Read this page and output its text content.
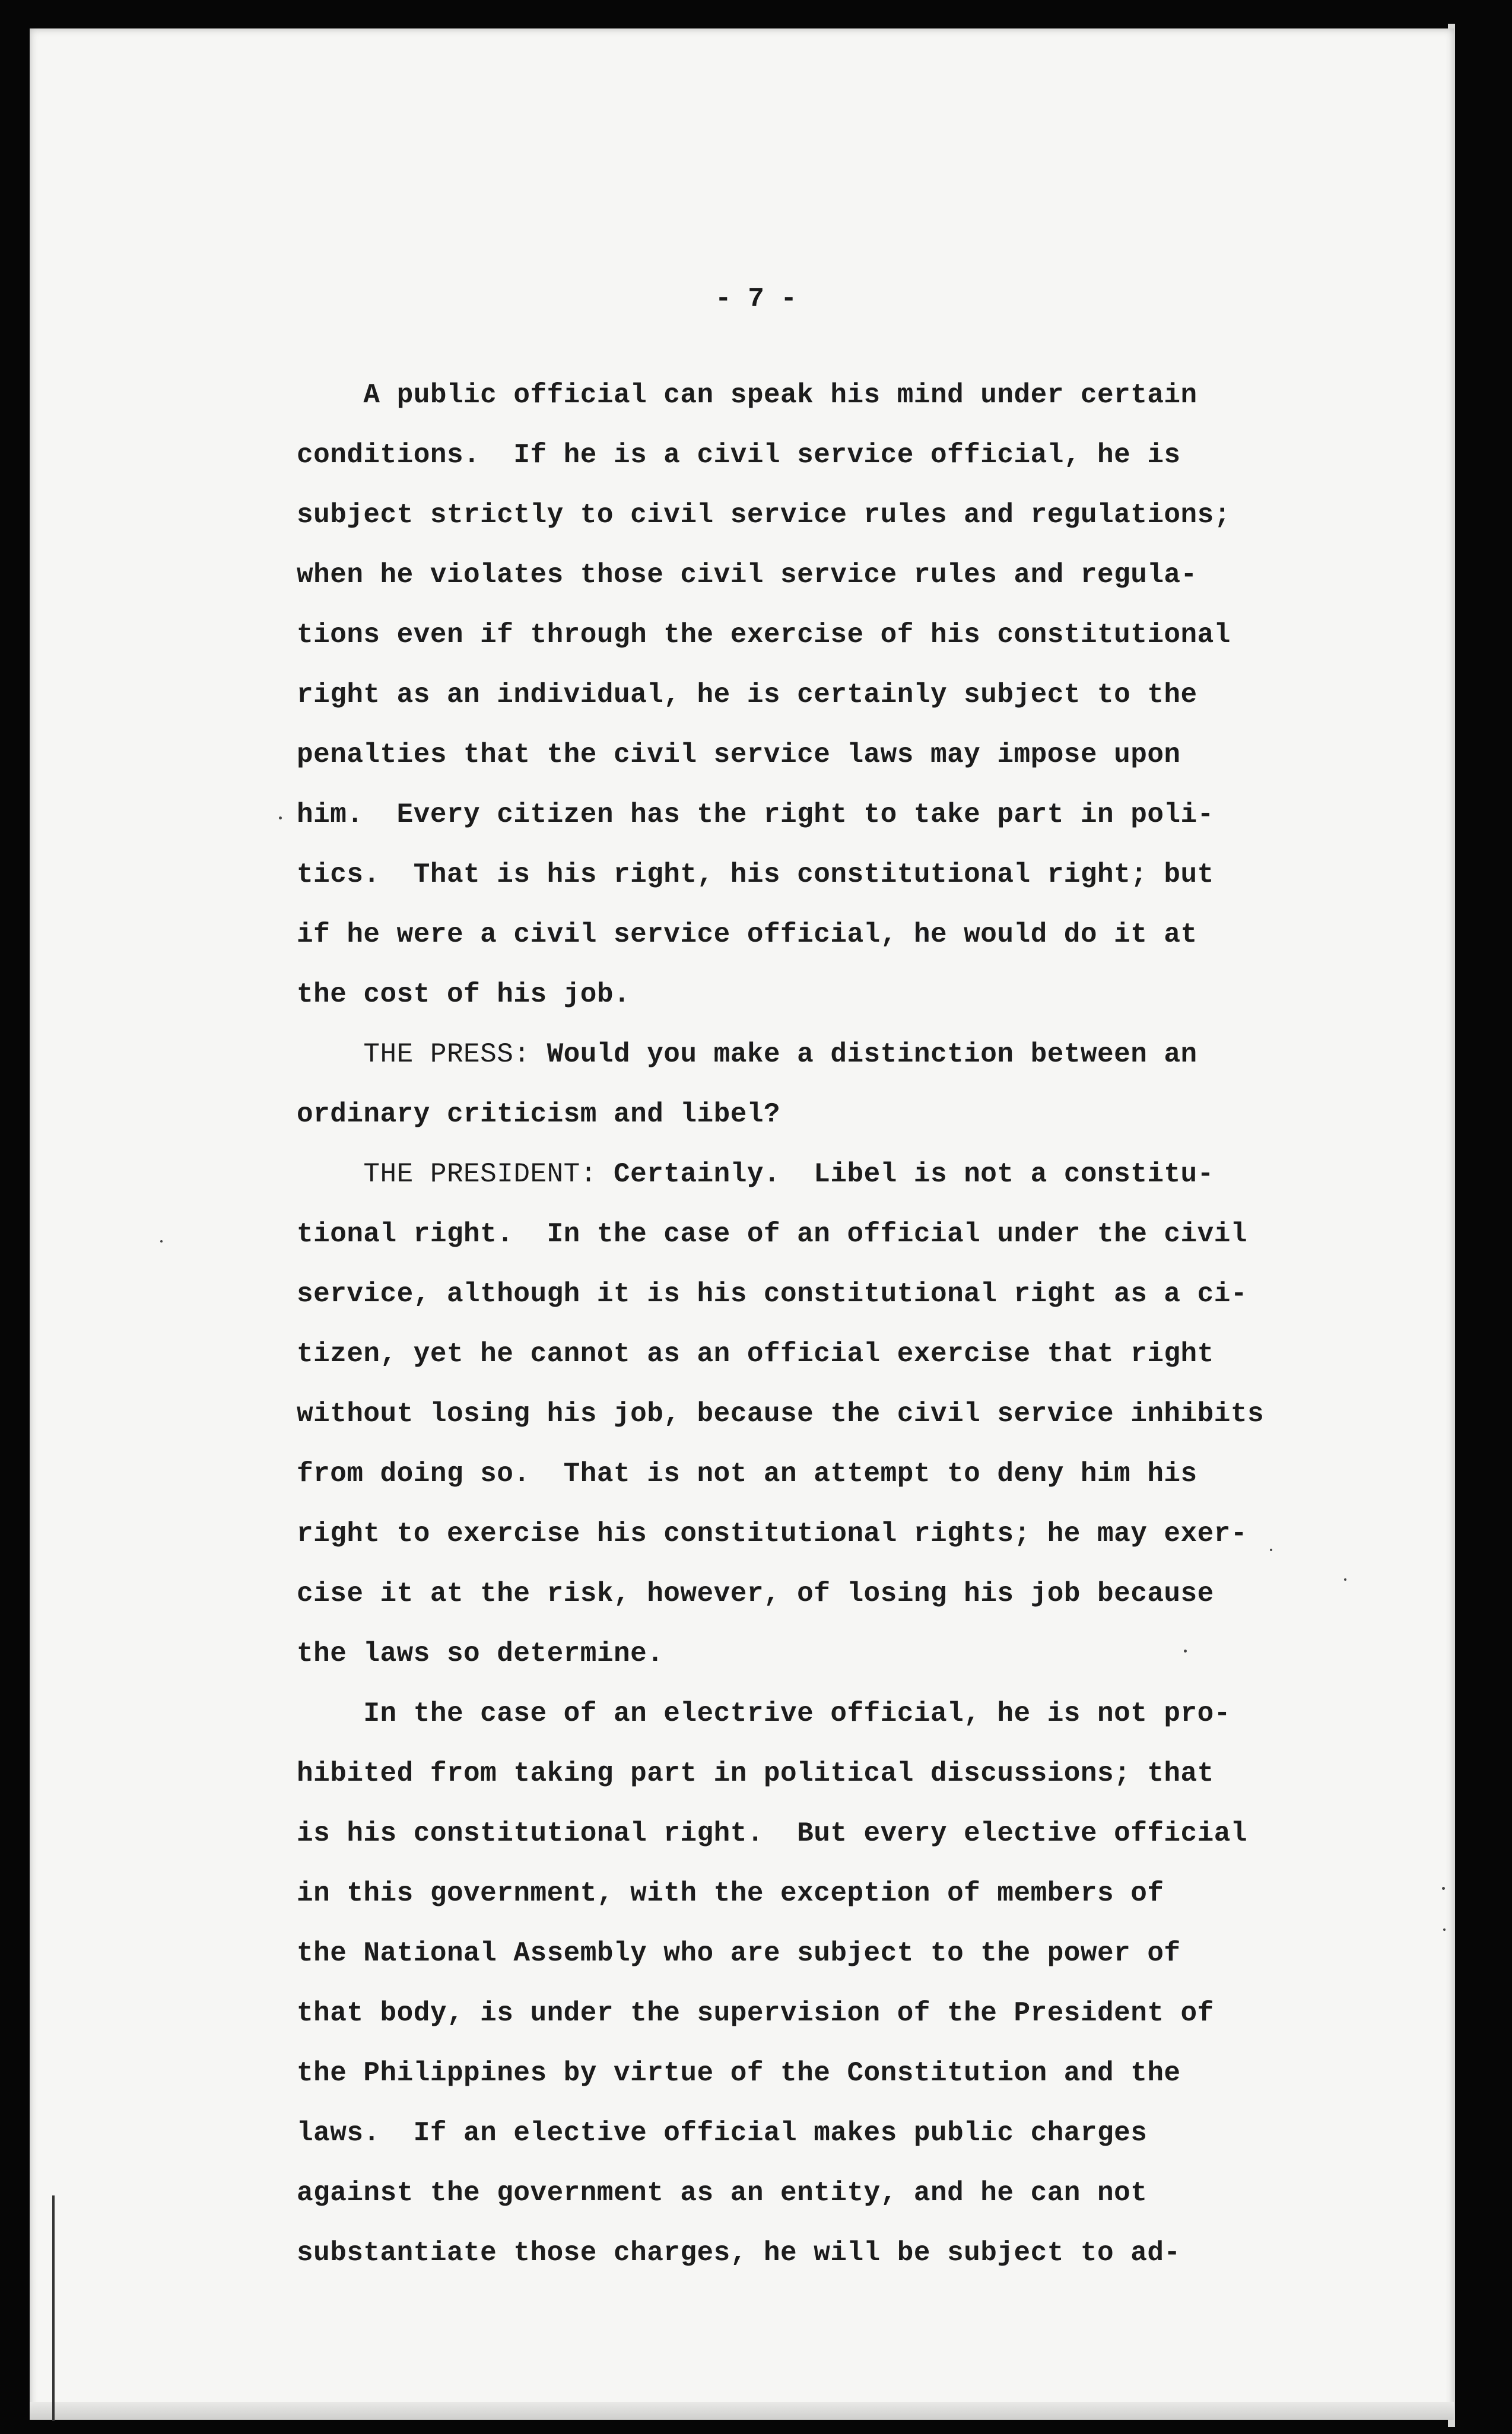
- 7 -
A public official can speak his mind under certain
conditions.  If he is a civil service official, he is
subject strictly to civil service rules and regulations;
when he violates those civil service rules and regula-
tions even if through the exercise of his constitutional
right as an individual, he is certainly subject to the
penalties that the civil service laws may impose upon
him.  Every citizen has the right to take part in poli-
tics.  That is his right, his constitutional right; but
if he were a civil service official, he would do it at
the cost of his job.
THE PRESS: Would you make a distinction between an
ordinary criticism and libel?
THE PRESIDENT: Certainly.  Libel is not a constitu-
tional right.  In the case of an official under the civil
service, although it is his constitutional right as a ci-
tizen, yet he cannot as an official exercise that right
without losing his job, because the civil service inhibits
from doing so.  That is not an attempt to deny him his
right to exercise his constitutional rights; he may exer-
cise it at the risk, however, of losing his job because
the laws so determine.
In the case of an electrive official, he is not pro-
hibited from taking part in political discussions; that
is his constitutional right.  But every elective official
in this government, with the exception of members of
the National Assembly who are subject to the power of
that body, is under the supervision of the President of
the Philippines by virtue of the Constitution and the
laws.  If an elective official makes public charges
against the government as an entity, and he can not
substantiate those charges, he will be subject to ad-
